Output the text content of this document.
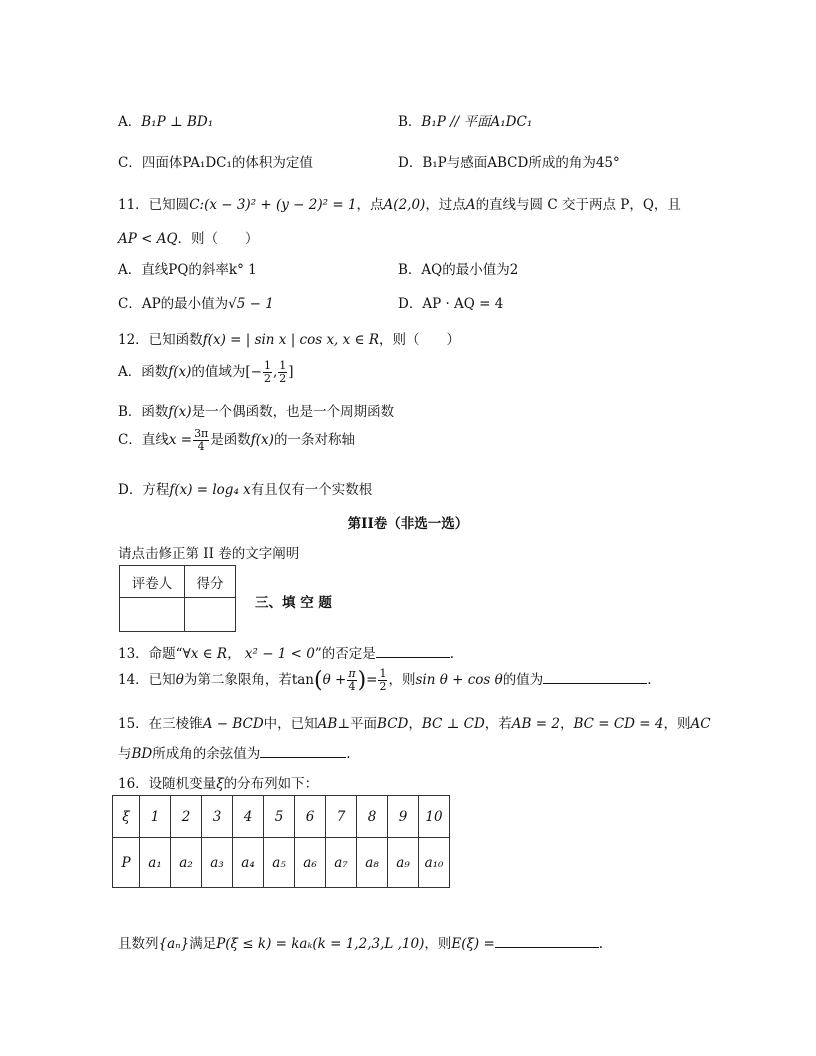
A．B₁P ⊥ BD₁	B．B₁P // 平面A₁DC₁
C．四面体PA₁DC₁的体积为定值	D．B₁P与感面ABCD所成的角为45°
11．已知圆C:(x − 3)² + (y − 2)² = 1，点A(2,0)，过点A的直线与圆 C 交于两点 P，Q，且
AP < AQ．则（　　）
A．直线PQ的斜率k° 1	B．AQ的最小值为2
C．AP的最小值为√5 − 1	D．AP · AQ = 4
12．已知函数f(x) = | sin x | cos x, x ∈ R，则（　　）
A．函数f(x)的值域为[− $\frac{1}{2}$ , $\frac{1}{2}$ ]
B．函数f(x)是一个偶函数，也是一个周期函数
C．直线$x = \frac{3\pi}{4}$ 是函数f(x)的一条对称轴
D．方程f(x) = log₄ x有且仅有一个实数根
第II卷（非选一选）
请点击修正第 II 卷的文字阐明
评卷人	得分

三、填 空 题
13．命题“∀x ∈ R， x² − 1 < 0”的否定是	.
14．已知θ为第二象限角，若$\tan(\theta + \frac{\pi}{4}$ )= $\frac{1}{2}$ ，则sin θ + cos θ的值为	.
15．在三棱锥A − BCD中，已知AB⊥平面BCD，BC ⊥ CD，若AB = 2，BC = CD = 4，则AC
与BD所成角的余弦值为	.
16．设随机变量ξ的分布列如下：
ξ	1	2	3	4	5	6	7	8	9	10
P	a₁	a₂	a₃	a₄	a₅	a₆	a₇	a₈	a₉	a₁₀
且数列{aₙ}满足P(ξ ≤ k) = kaₖ(k = 1,2,3,L ,10)，则E(ξ) =	.
